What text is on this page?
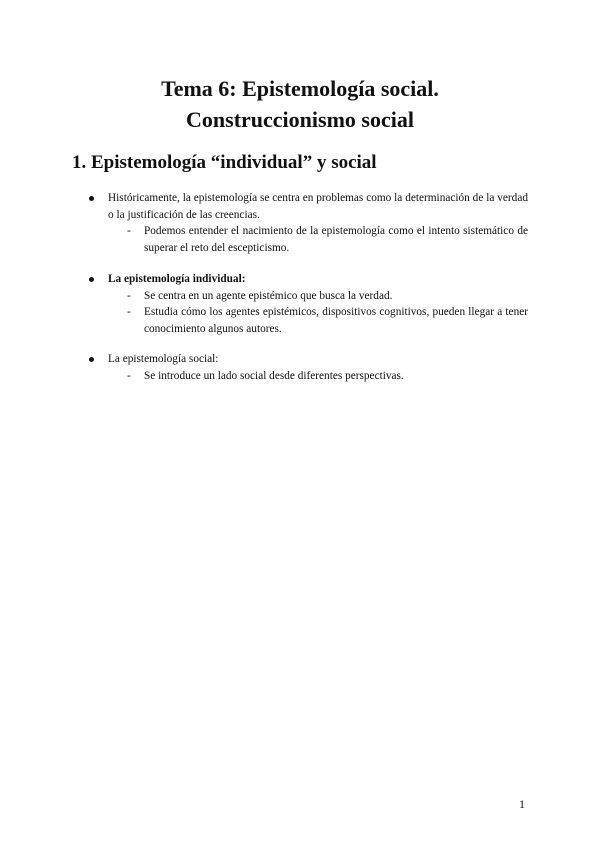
Tema 6: Epistemología social.
Construccionismo social
1. Epistemología “individual” y social
Históricamente, la epistemología se centra en problemas como la determinación de la verdad o la justificación de las creencias.
- Podemos entender el nacimiento de la epistemología como el intento sistemático de superar el reto del escepticismo.
La epistemología individual:
- Se centra en un agente epistémico que busca la verdad.
- Estudia cómo los agentes epistémicos, dispositivos cognitivos, pueden llegar a tener conocimiento algunos autores.
La epistemología social:
- Se introduce un lado social desde diferentes perspectivas.
1
